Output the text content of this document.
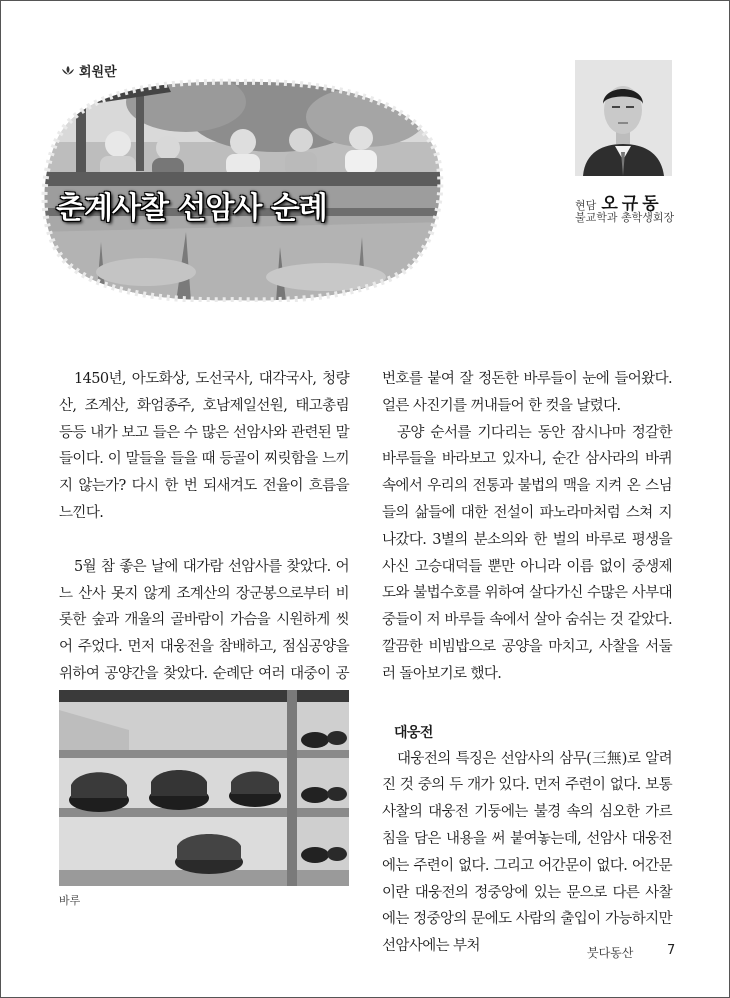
회원란
춘계사찰 선암사 순례	현담 오규동
불교학과 총학생회장

1450년, 아도화상, 도선국사, 대각국사, 청량산, 조계산, 화엄종주, 호남제일선원, 태고총림 등등 내가 보고 들은 수 많은 선암사와 관련된 말들이다. 이 말들을 들을 때 등골이 찌릿함을 느끼지 않는가? 다시 한 번 되새겨도 전율이 흐름을 느낀다.

5월 참 좋은 날에 대가람 선암사를 찾았다. 어느 산사 못지 않게 조계산의 장군봉으로부터 비롯한 숲과 개울의 골바람이 가슴을 시원하게 씻어 주었다. 먼저 대웅전을 참배하고, 점심공양을 위하여 공양간을 찾았다. 순례단 여러 대중이 공

바루

번호를 붙여 잘 정돈한 바루들이 눈에 들어왔다. 얼른 사진기를 꺼내들어 한 컷을 날렸다.

공양 순서를 기다리는 동안 잠시나마 정갈한 바루들을 바라보고 있자니, 순간 삼사라의 바퀴 속에서 우리의 전통과 불법의 맥을 지켜 온 스님들의 삶들에 대한 전설이 파노라마처럼 스쳐 지나갔다. 3별의 분소의와 한 벌의 바루로 평생을 사신 고승대덕들 뿐만 아니라 이름 없이 중생제도와 불법수호를 위하여 살다가신 수많은 사부대중들이 저 바루들 속에서 살아 숨쉬는 것 같았다. 깔끔한 비빔밥으로 공양을 마치고, 사찰을 서둘러 돌아보기로 했다.

대웅전

대웅전의 특징은 선암사의 삼무(三無)로 알려진 것 중의 두 개가 있다. 먼저 주련이 없다. 보통 사찰의 대웅전 기둥에는 불경 속의 심오한 가르침을 담은 내용을 써 붙여놓는데, 선암사 대웅전에는 주련이 없다. 그리고 어간문이 없다. 어간문이란 대웅전의 정중앙에 있는 문으로 다른 사찰에는 정중앙의 문에도 사람의 출입이 가능하지만 선암사에는 부처	붓다동산	7
